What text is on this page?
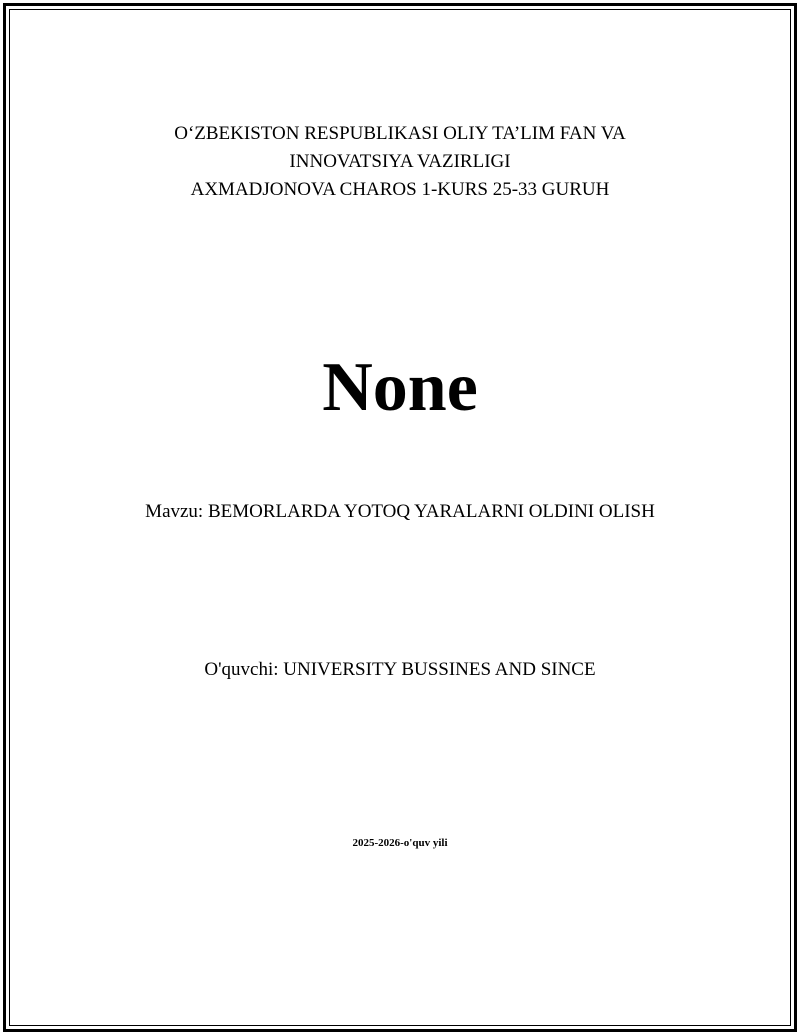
O‘ZBEKISTON RESPUBLIKASI OLIY TA’LIM FAN VA
INNOVATSIYA VAZIRLIGI
AXMADJONOVA CHAROS 1-KURS 25-33 GURUH
None
Mavzu: BEMORLARDA YOTOQ YARALARNI OLDINI OLISH
O'quvchi: UNIVERSITY BUSSINES AND SINCE
2025-2026-o'quv yili
